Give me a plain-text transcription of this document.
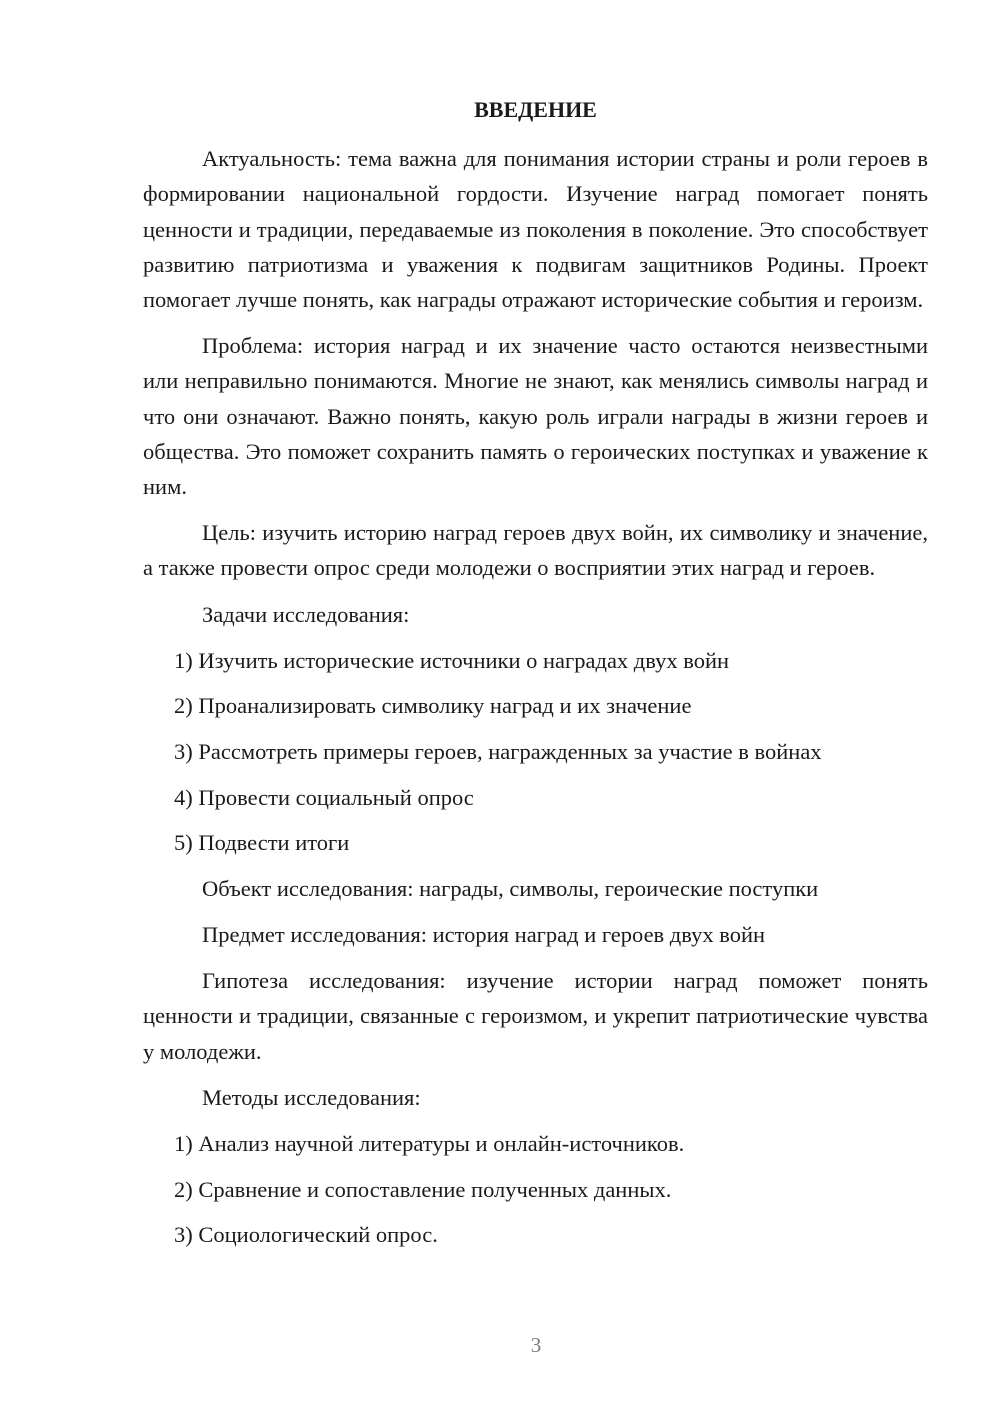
ВВЕДЕНИЕ

Актуальность: тема важна для понимания истории страны и роли героев в формировании национальной гордости. Изучение наград помогает понять ценности и традиции, передаваемые из поколения в поколение. Это способствует развитию патриотизма и уважения к подвигам защитников Родины. Проект помогает лучше понять, как награды отражают исторические события и героизм.

Проблема: история наград и их значение часто остаются неизвестными или неправильно понимаются. Многие не знают, как менялись символы наград и что они означают. Важно понять, какую роль играли награды в жизни героев и общества. Это поможет сохранить память о героических поступках и уважение к ним.

Цель: изучить историю наград героев двух войн, их символику и значение, а также провести опрос среди молодежи о восприятии этих наград и героев.

Задачи исследования:
1) Изучить исторические источники о наградах двух войн
2) Проанализировать символику наград и их значение
3) Рассмотреть примеры героев, награжденных за участие в войнах
4) Провести социальный опрос
5) Подвести итоги
Объект исследования: награды, символы, героические поступки
Предмет исследования: история наград и героев двух войн

Гипотеза исследования: изучение истории наград поможет понять ценности и традиции, связанные с героизмом, и укрепит патриотические чувства у молодежи.

Методы исследования:
1) Анализ научной литературы и онлайн-источников.
2) Сравнение и сопоставление полученных данных.
3) Социологический опрос.
3
